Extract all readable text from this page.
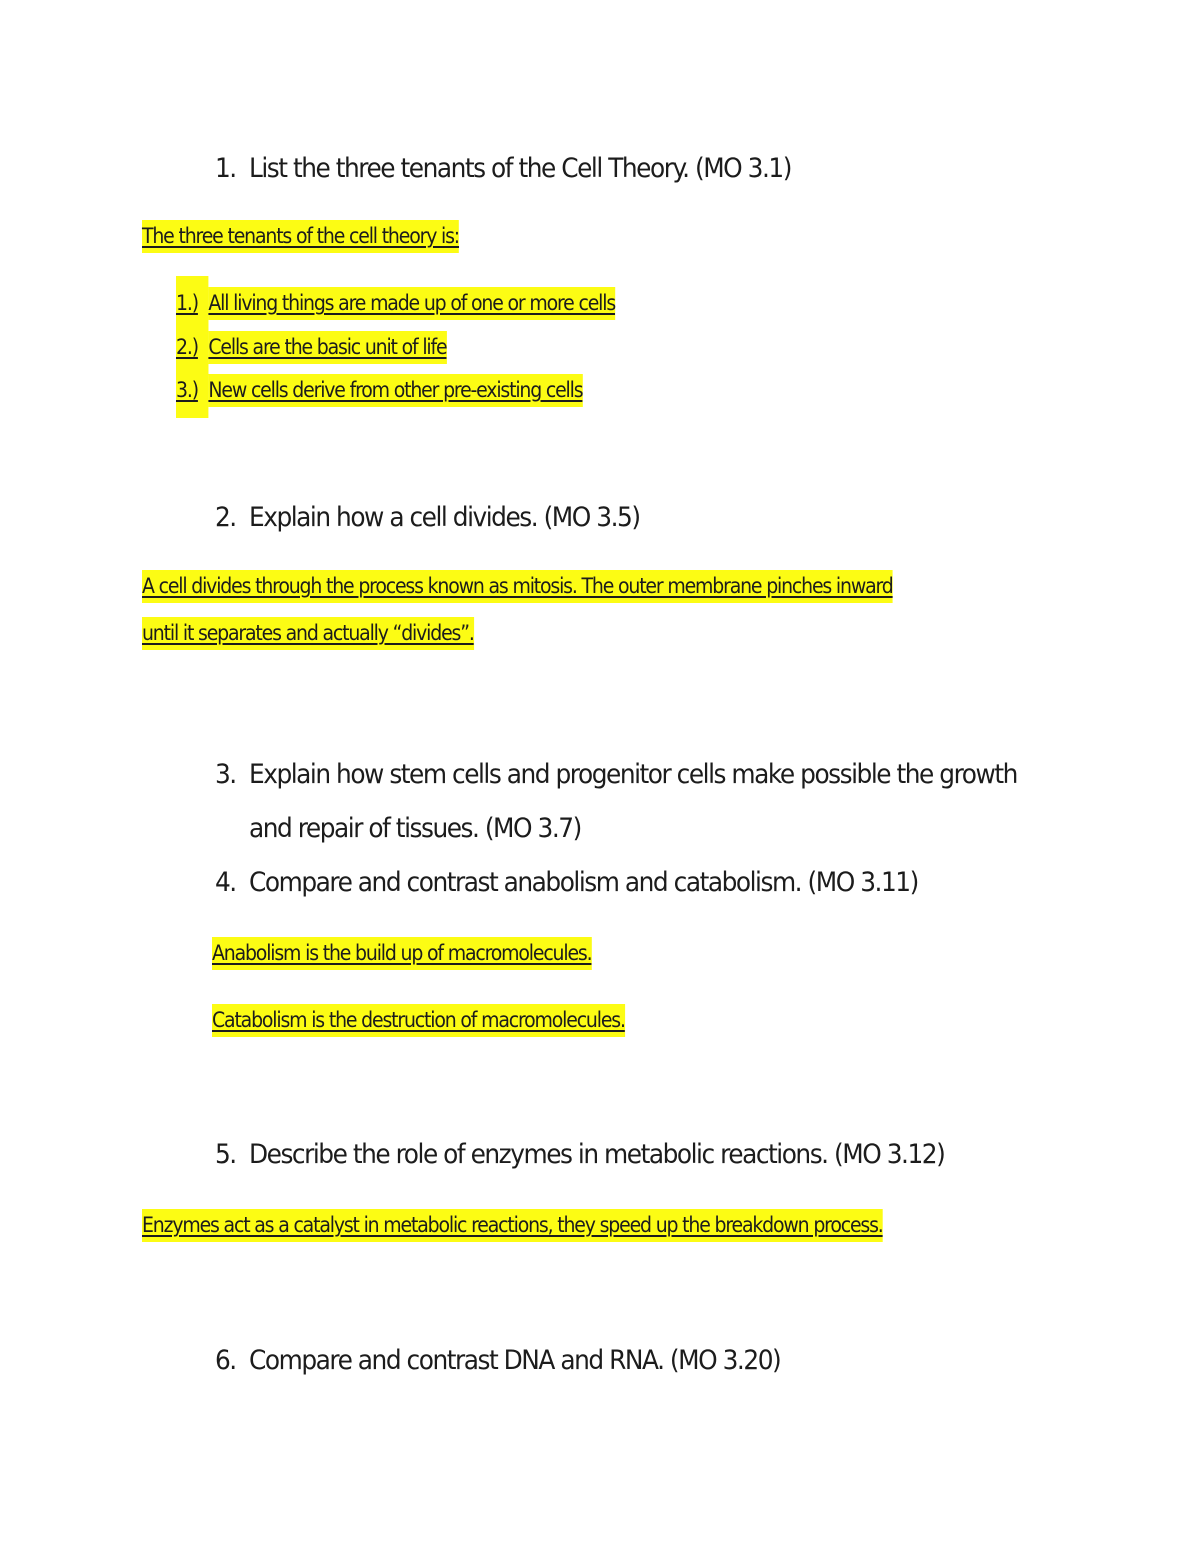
1. List the three tenants of the Cell Theory. (MO 3.1)
The three tenants of the cell theory is:
1.) All living things are made up of one or more cells
2.) Cells are the basic unit of life
3.) New cells derive from other pre-existing cells
2. Explain how a cell divides. (MO 3.5)
A cell divides through the process known as mitosis. The outer membrane pinches inward
until it separates and actually “divides”.
3. Explain how stem cells and progenitor cells make possible the growth
and repair of tissues. (MO 3.7)
4. Compare and contrast anabolism and catabolism. (MO 3.11)
Anabolism is the build up of macromolecules.
Catabolism is the destruction of macromolecules.
5. Describe the role of enzymes in metabolic reactions. (MO 3.12)
Enzymes act as a catalyst in metabolic reactions, they speed up the breakdown process.
6. Compare and contrast DNA and RNA. (MO 3.20)
